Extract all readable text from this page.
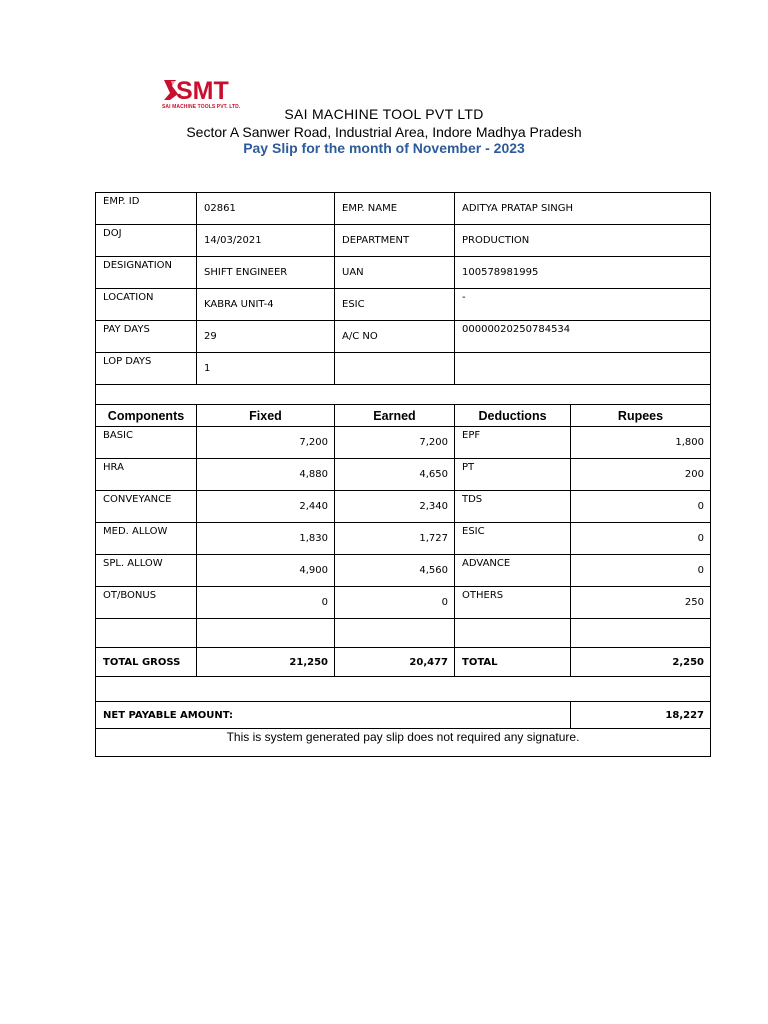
SMT
SAI MACHINE TOOLS PVT. LTD.	SAI MACHINE TOOL PVT LTD
Sector A Sanwer Road, Industrial Area, Indore Madhya Pradesh
Pay Slip for the month of November - 2023
EMP. ID	02861	EMP. NAME	ADITYA PRATAP SINGH	
DOJ	14/03/2021	DEPARTMENT	PRODUCTION	
DESIGNATION	SHIFT ENGINEER	UAN	100578981995	
LOCATION	KABRA UNIT-4	ESIC	-	
PAY DAYS	29	A/C NO	00000020250784534	
LOP DAYS	1			

Components	Fixed	Earned	Deductions	Rupees
BASIC	7,200	7,200	EPF	1,800
HRA	4,880	4,650	PT	200
CONVEYANCE	2,440	2,340	TDS	0
MED. ALLOW	1,830	1,727	ESIC	0
SPL. ALLOW	4,900	4,560	ADVANCE	0
OT/BONUS	0	0	OTHERS	250

TOTAL GROSS	21,250	20,477	TOTAL	2,250

NET PAYABLE AMOUNT:				18,227
This is system generated pay slip does not required any signature.				
